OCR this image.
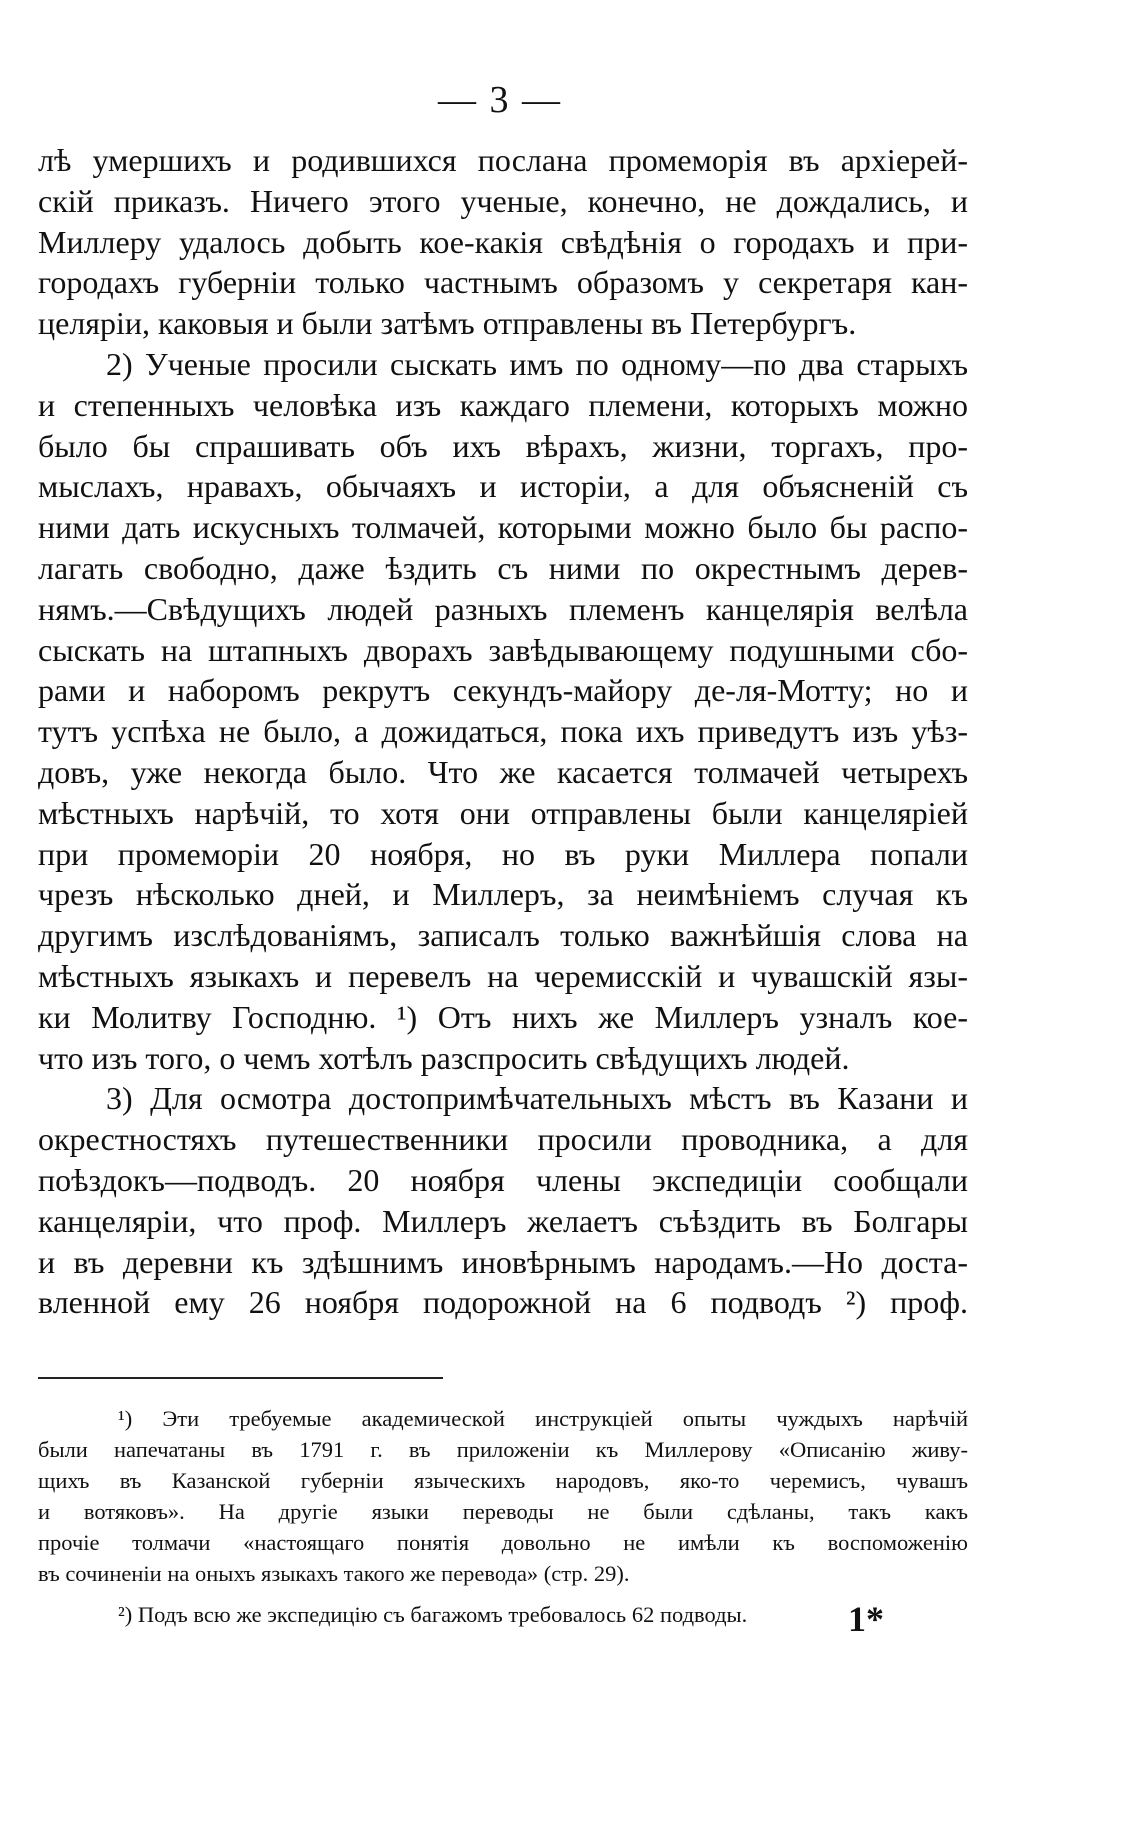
— 3 —
лѣ умершихъ и родившихся послана промеморія въ архіерей-
скій приказъ. Ничего этого ученые, конечно, не дождались, и
Миллеру удалось добыть кое-какія свѣдѣнія о городахъ и при-
городахъ губерніи только частнымъ образомъ у секретаря кан-
целяріи, каковыя и были затѣмъ отправлены въ Петербургъ.
2) Ученые просили сыскать имъ по одному—по два старыхъ
и степенныхъ человѣка изъ каждаго племени, которыхъ можно
было бы спрашивать объ ихъ вѣрахъ, жизни, торгахъ, про-
мыслахъ, нравахъ, обычаяхъ и исторіи, а для объясненій съ
ними дать искусныхъ толмачей, которыми можно было бы распо-
лагать свободно, даже ѣздить съ ними по окрестнымъ дерев-
нямъ.—Свѣдущихъ людей разныхъ племенъ канцелярія велѣла
сыскать на штапныхъ дворахъ завѣдывающему подушными сбо-
рами и наборомъ рекрутъ секундъ-майору де-ля-Мотту; но и
тутъ успѣха не было, а дожидаться, пока ихъ приведутъ изъ уѣз-
довъ, уже некогда было. Что же касается толмачей четырехъ
мѣстныхъ нарѣчій, то хотя они отправлены были канцеляріей
при промеморіи 20 ноября, но въ руки Миллера попали
чрезъ нѣсколько дней, и Миллеръ, за неимѣніемъ случая къ
другимъ изслѣдованіямъ, записалъ только важнѣйшія слова на
мѣстныхъ языкахъ и перевелъ на черемисскій и чувашскій язы-
ки Молитву Господню. ¹) Отъ нихъ же Миллеръ узналъ кое-
что изъ того, о чемъ хотѣлъ разспросить свѣдущихъ людей.
3) Для осмотра достопримѣчательныхъ мѣстъ въ Казани и
окрестностяхъ путешественники просили проводника, а для
поѣздокъ—подводъ. 20 ноября члены экспедиціи сообщали
канцеляріи, что проф. Миллеръ желаетъ съѣздить въ Болгары
и въ деревни къ здѣшнимъ иновѣрнымъ народамъ.—Но доста-
вленной ему 26 ноября подорожной на 6 подводъ ²) проф.
¹) Эти требуемые академической инструкціей опыты чуждыхъ нарѣчій
были напечатаны въ 1791 г. въ приложеніи къ Миллерову «Описанію живу-
щихъ въ Казанской губерніи языческихъ народовъ, яко-то черемисъ, чувашъ
и вотяковъ». На другіе языки переводы не были сдѣланы, такъ какъ
прочіе толмачи «настоящаго понятія довольно не имѣли къ воспоможенію
въ сочиненіи на оныхъ языкахъ такого же перевода» (стр. 29).
²) Подъ всю же экспедицію съ багажомъ требовалось 62 подводы.	1*
